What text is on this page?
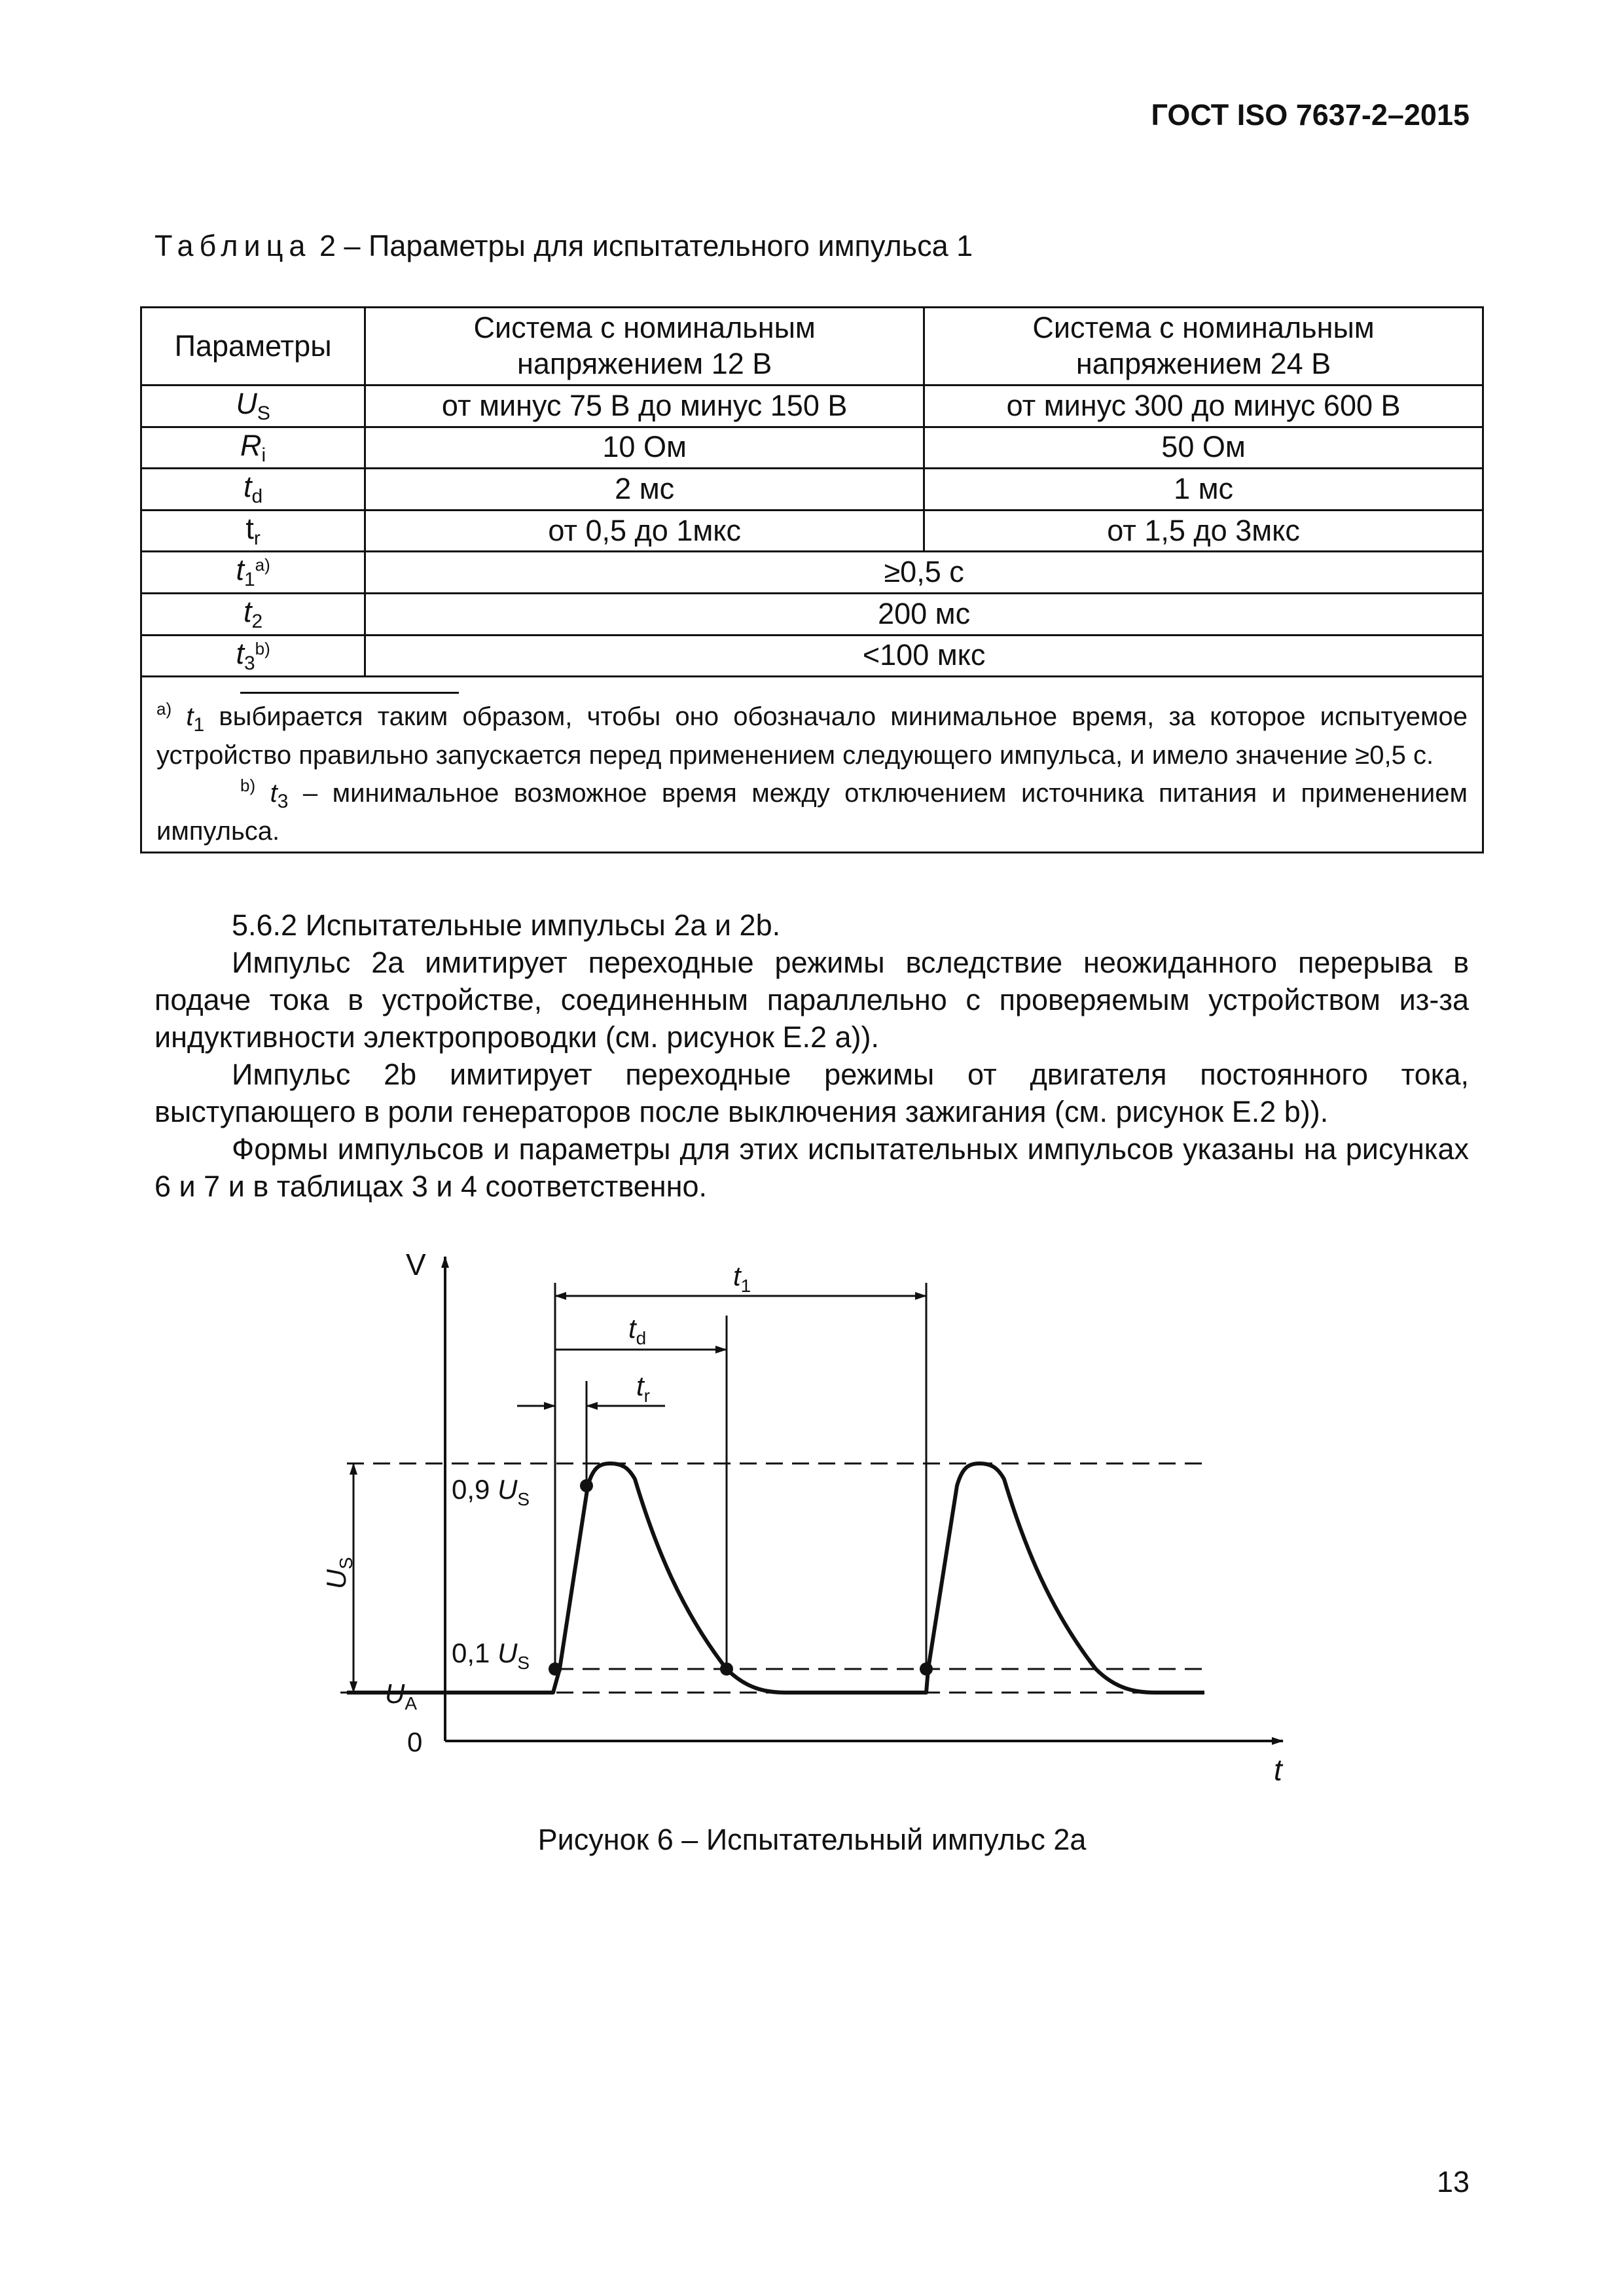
ГОСТ ISO 7637-2–2015
Таблица 2 – Параметры для испытательного импульса 1
Параметры	Система с номинальным напряжением 12 В	Система с номинальным напряжением 24 В
$U_S$	от минус 75 В до минус 150 В	от минус 300 до минус 600 В
$R_i$	10 Ом	50 Ом
$t_d$	2 мс	1 мс
$t_r$	от 0,5 до 1мкс	от 1,5 до 3мкс
$t_1^{a)}$	≥0,5 с	
$t_2$	200 мс	
$t_3^{b)}$	<100 мкс	

$^{a)}$ $t_1$ выбирается таким образом, чтобы оно обозначало минимальное время, за которое испытуемое устройство правильно запускается перед применением следующего импульса, и имело значение ≥0,5 с.
$^{b)}$ $t_3$ – минимальное возможное время между отключением источника питания и применением импульса.		

5.6.2 Испытательные импульсы 2а и 2b.

Импульс 2a имитирует переходные режимы вследствие неожиданного перерыва в подаче тока в устройстве, соединенным параллельно с проверяемым устройством из-за индуктивности электропроводки (см. рисунок Е.2 а)).

Импульс 2b имитирует переходные режимы от двигателя постоянного тока, выступающего в роли генераторов после выключения зажигания (см. рисунок Е.2 b)).

Формы импульсов и параметры для этих испытательных импульсов указаны на рисунках 6 и 7 и в таблицах 3 и 4 соответственно.

V
t
0
$t_1$
$t_d$
$t_r$
0,9 $U_S$
0,1 $U_S$
$U_A$
$U_S$
Рисунок 6 – Испытательный импульс 2а
13
